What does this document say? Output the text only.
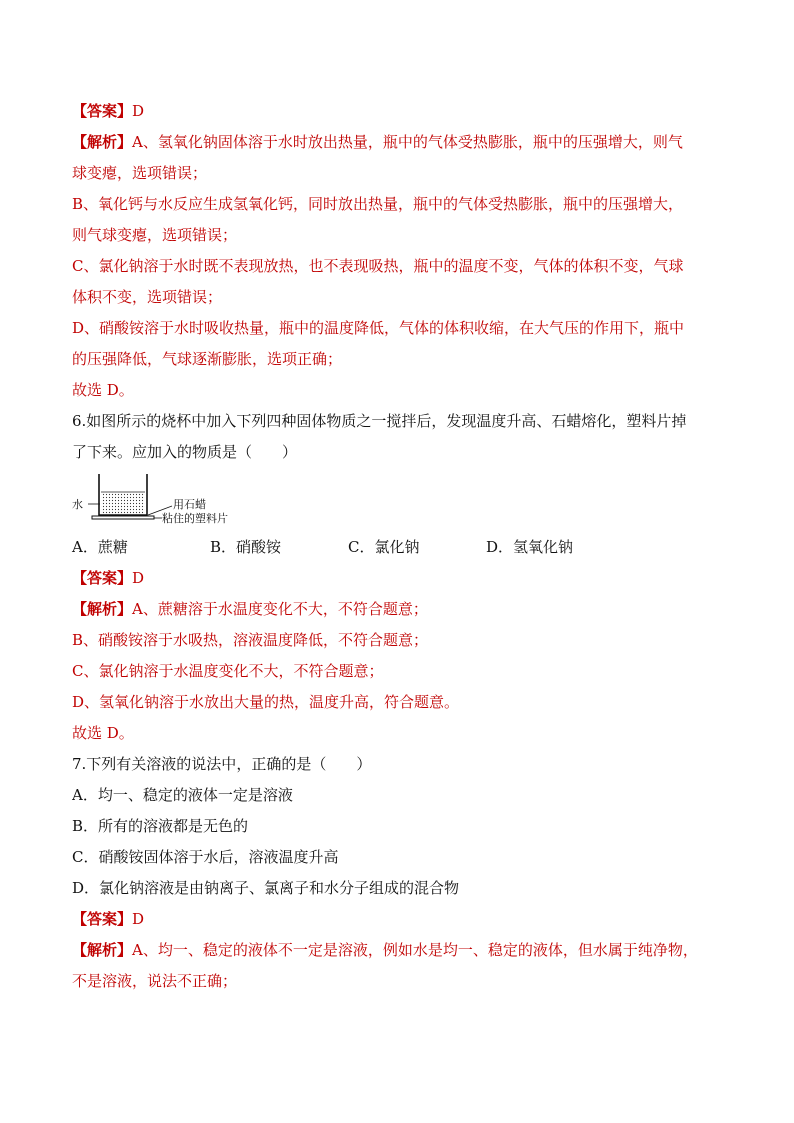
【答案】D
【解析】A、氢氧化钠固体溶于水时放出热量，瓶中的气体受热膨胀，瓶中的压强增大，则气
球变瘪，选项错误；
B、氧化钙与水反应生成氢氧化钙，同时放出热量，瓶中的气体受热膨胀，瓶中的压强增大，
则气球变瘪，选项错误；
C、氯化钠溶于水时既不表现放热，也不表现吸热，瓶中的温度不变，气体的体积不变，气球
体积不变，选项错误；
D、硝酸铵溶于水时吸收热量，瓶中的温度降低，气体的体积收缩，在大气压的作用下，瓶中
的压强降低，气球逐渐膨胀，选项正确；
故选 D。
6.如图所示的烧杯中加入下列四种固体物质之一搅拌后，发现温度升高、石蜡熔化，塑料片掉
了下来。应加入的物质是（　　）
水	用石蜡
粘住的塑料片
A．蔗糖	B．硝酸铵	C．氯化钠	D．氢氧化钠
【答案】D
【解析】A、蔗糖溶于水温度变化不大，不符合题意；
B、硝酸铵溶于水吸热，溶液温度降低，不符合题意；
C、氯化钠溶于水温度变化不大，不符合题意；
D、氢氧化钠溶于水放出大量的热，温度升高，符合题意。
故选 D。
7.下列有关溶液的说法中，正确的是（　　）
A．均一、稳定的液体一定是溶液
B．所有的溶液都是无色的
C．硝酸铵固体溶于水后，溶液温度升高
D．氯化钠溶液是由钠离子、氯离子和水分子组成的混合物
【答案】D
【解析】A、均一、稳定的液体不一定是溶液，例如水是均一、稳定的液体，但水属于纯净物，
不是溶液，说法不正确；
